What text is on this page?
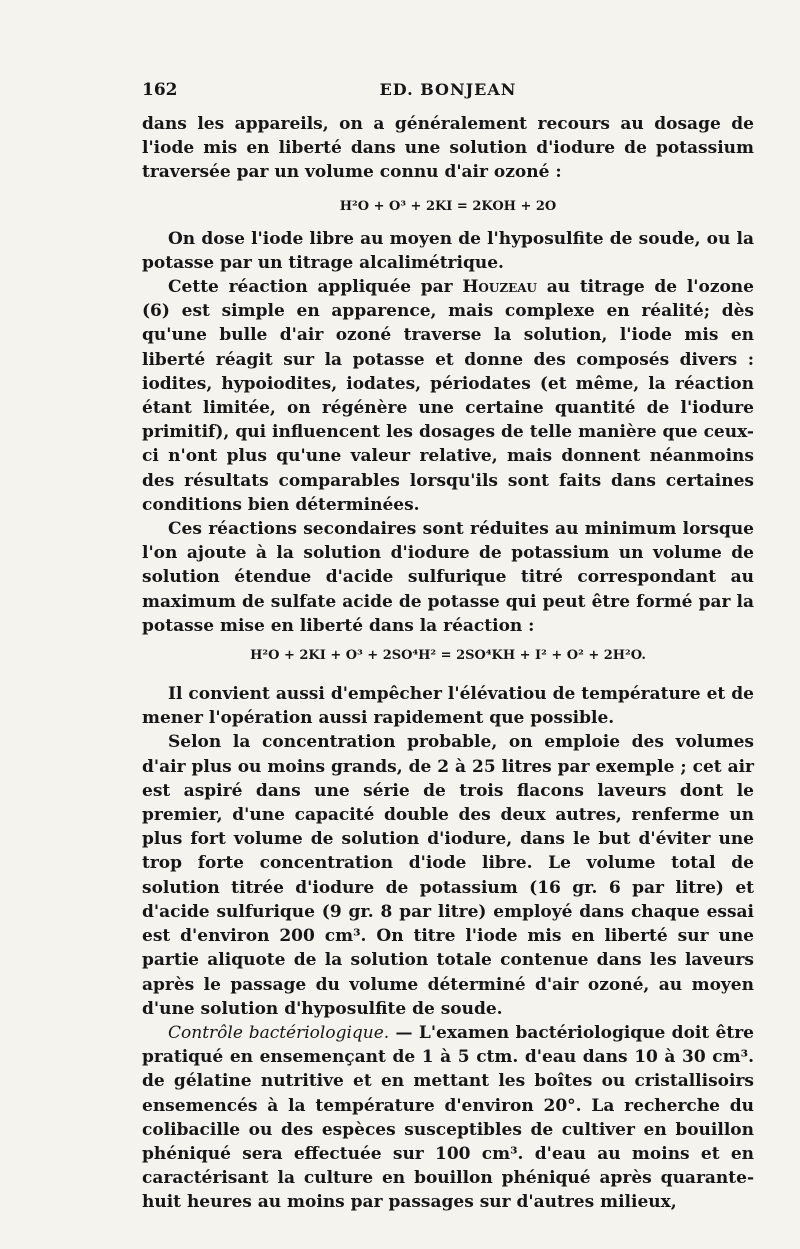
162	ED. BONJEAN

dans les appareils, on a généralement recours au dosage de l'iode mis en liberté dans une solution d'iodure de potassium traversée par un volume connu d'air ozoné :

H²O + O³ + 2KI = 2KOH + 2O

On dose l'iode libre au moyen de l'hyposulfite de soude, ou la potasse par un titrage alcalimétrique.

Cette réaction appliquée par Houzeau au titrage de l'ozone (6) est simple en apparence, mais complexe en réalité; dès qu'une bulle d'air ozoné traverse la solution, l'iode mis en liberté réagit sur la potasse et donne des composés divers : iodites, hypoiodites, iodates, périodates (et même, la réaction étant limitée, on régénère une certaine quantité de l'iodure primitif), qui influencent les dosages de telle manière que ceux-ci n'ont plus qu'une valeur relative, mais donnent néanmoins des résultats comparables lorsqu'ils sont faits dans certaines conditions bien déterminées.

Ces réactions secondaires sont réduites au minimum lorsque l'on ajoute à la solution d'iodure de potassium un volume de solution étendue d'acide sulfurique titré correspondant au maximum de sulfate acide de potasse qui peut être formé par la potasse mise en liberté dans la réaction :

H²O + 2KI + O³ + 2SO⁴H² = 2SO⁴KH + I² + O² + 2H²O.

Il convient aussi d'empêcher l'élévatiou de température et de mener l'opération aussi rapidement que possible.

Selon la concentration probable, on emploie des volumes d'air plus ou moins grands, de 2 à 25 litres par exemple ; cet air est aspiré dans une série de trois flacons laveurs dont le premier, d'une capacité double des deux autres, renferme un plus fort volume de solution d'iodure, dans le but d'éviter une trop forte concentration d'iode libre. Le volume total de solution titrée d'iodure de potassium (16 gr. 6 par litre) et d'acide sulfurique (9 gr. 8 par litre) employé dans chaque essai est d'environ 200 cm³. On titre l'iode mis en liberté sur une partie aliquote de la solution totale contenue dans les laveurs après le passage du volume déterminé d'air ozoné, au moyen d'une solution d'hyposulfite de soude.

Contrôle bactériologique. — L'examen bactériologique doit être pratiqué en ensemençant de 1 à 5 ctm. d'eau dans 10 à 30 cm³. de gélatine nutritive et en mettant les boîtes ou cristallisoirs ensemencés à la température d'environ 20°. La recherche du colibacille ou des espèces susceptibles de cultiver en bouillon phéniqué sera effectuée sur 100 cm³. d'eau au moins et en caractérisant la culture en bouillon phéniqué après quarante-huit heures au moins par passages sur d'autres milieux,
